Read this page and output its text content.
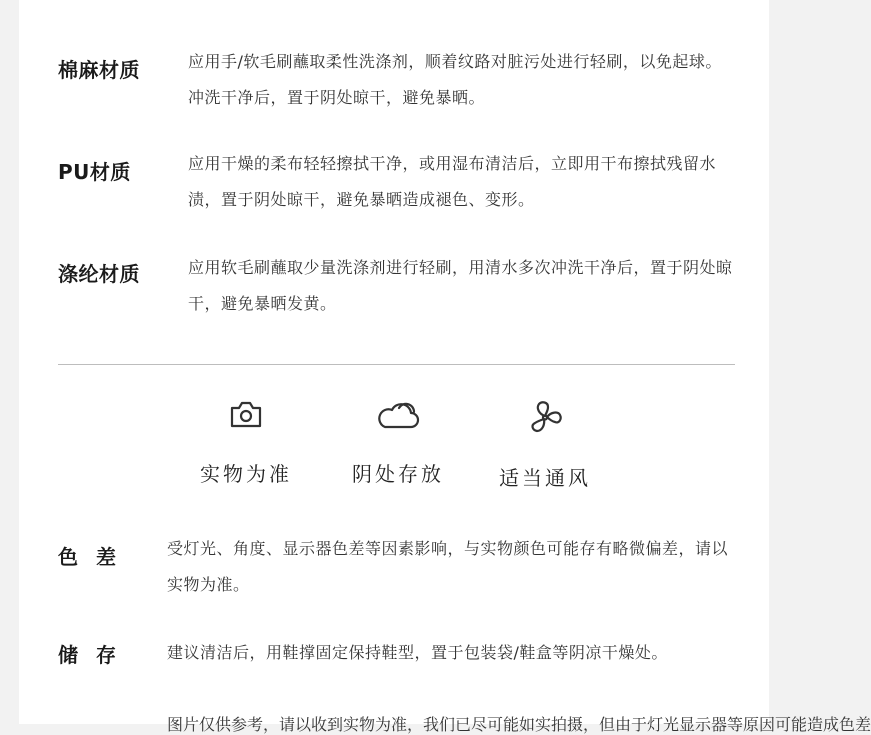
棉麻材质	应用手/软毛刷蘸取柔性洗涤剂，顺着纹路对脏污处进行轻刷，以免起球。冲洗干净后，置于阴处晾干，避免暴晒。
PU材质	应用干燥的柔布轻轻擦拭干净，或用湿布清洁后，立即用干布擦拭残留水渍，置于阴处晾干，避免暴晒造成褪色、变形。
涤纶材质	应用软毛刷蘸取少量洗涤剂进行轻刷，用清水多次冲洗干净后，置于阴处晾干，避免暴晒发黄。
实物为准	阴处存放	适当通风
色差 受灯光、角度、显示器色差等因素影响，与实物颜色可能存有略微偏差，请以实物为准。
储存 建议清洁后，用鞋撑固定保持鞋型，置于包装袋/鞋盒等阴凉干燥处。
图片仅供参考，请以收到实物为准，我们已尽可能如实拍摄，但由于灯光显示器等原因可能造成色差
